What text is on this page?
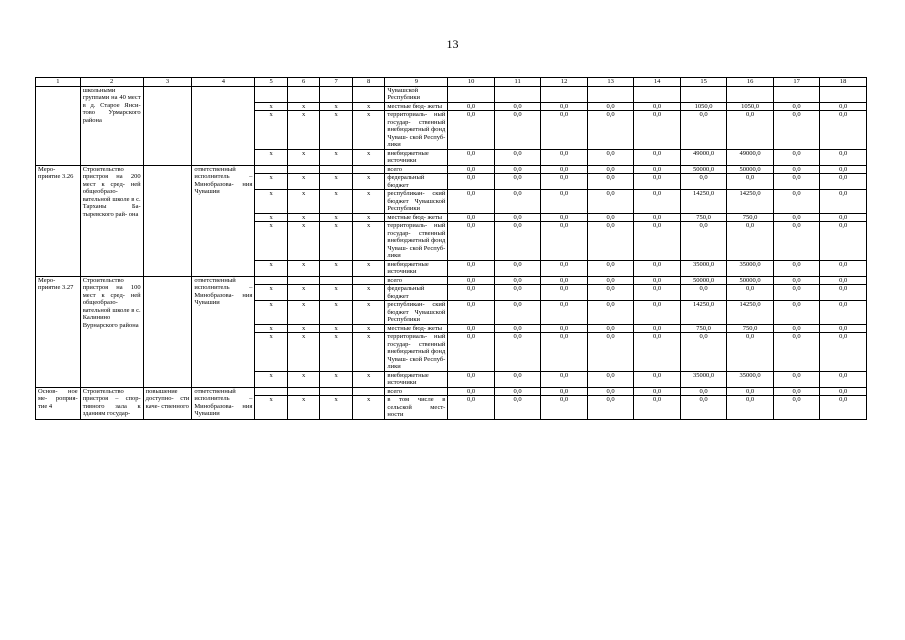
13
1	2	3	4	5	6	7	8	9	10	11	12	13	14	15	16	17	18
	школьными группами на 40 мест в д. Старое Янси- тово Урмарского района							Чувашской Республики									
				х	х	х	х	местные бюд- жеты	0,0	0,0	0,0	0,0	0,0	1050,0	1050,0	0,0	0,0
				х	х	х	х	территориаль- ный государ- ственный внебюджетный фонд Чуваш- ской Респуб- лики	0,0	0,0	0,0	0,0	0,0	0,0	0,0	0,0	0,0
				х	х	х	х	внебюджетные источники	0,0	0,0	0,0	0,0	0,0	49000,0	49000,0	0,0	0,0
Меро- приятие 3.26	Строительство пристроя на 200 мест к сред- ней общеобразо- вательной школе в с. Тарханы Ба- тыревского рай- она		ответственный исполнитель – Минобразова- ния Чувашии					всего	0,0	0,0	0,0	0,0	0,0	50000,0	50000,0	0,0	0,0
				х	х	х	х	федеральный бюджет	0,0	0,0	0,0	0,0	0,0	0,0	0,0	0,0	0,0
				х	х	х	х	республикан- ский бюджет Чувашской Республики	0,0	0,0	0,0	0,0	0,0	14250,0	14250,0	0,0	0,0
				х	х	х	х	местные бюд- жеты	0,0	0,0	0,0	0,0	0,0	750,0	750,0	0,0	0,0
				х	х	х	х	территориаль- ный государ- ственный внебюджетный фонд Чуваш- ской Респуб- лики	0,0	0,0	0,0	0,0	0,0	0,0	0,0	0,0	0,0
				х	х	х	х	внебюджетные источники	0,0	0,0	0,0	0,0	0,0	35000,0	35000,0	0,0	0,0
Меро- приятие 3.27	Строительство пристроя на 100 мест к сред- ней общеобразо- вательной школе в с. Калинино Вурнарского района		ответственный исполнитель – Минобразова- ния Чувашии					всего	0,0	0,0	0,0	0,0	0,0	50000,0	50000,0	0,0	0,0
				х	х	х	х	федеральный бюджет	0,0	0,0	0,0	0,0	0,0	0,0	0,0	0,0	0,0
				х	х	х	х	республикан- ский бюджет Чувашской Республики	0,0	0,0	0,0	0,0	0,0	14250,0	14250,0	0,0	0,0
				х	х	х	х	местные бюд- жеты	0,0	0,0	0,0	0,0	0,0	750,0	750,0	0,0	0,0
				х	х	х	х	территориаль- ный государ- ственный внебюджетный фонд Чуваш- ской Респуб- лики	0,0	0,0	0,0	0,0	0,0	0,0	0,0	0,0	0,0
				х	х	х	х	внебюджетные источники	0,0	0,0	0,0	0,0	0,0	35000,0	35000,0	0,0	0,0
Основ- ное ме- роприя- тие 4	Строительство пристроя – спор- тивного зала к зданиям государ-	повышение доступно- сти каче- ственного	ответственный исполнитель – Минобразова- ния Чувашии					всего	0,0	0,0	0,0	0,0	0,0	0,0	0,0	0,0	0,0
				х	х	х	х	в том числе в сельской мест- ности	0,0	0,0	0,0	0,0	0,0	0,0	0,0	0,0	0,0
